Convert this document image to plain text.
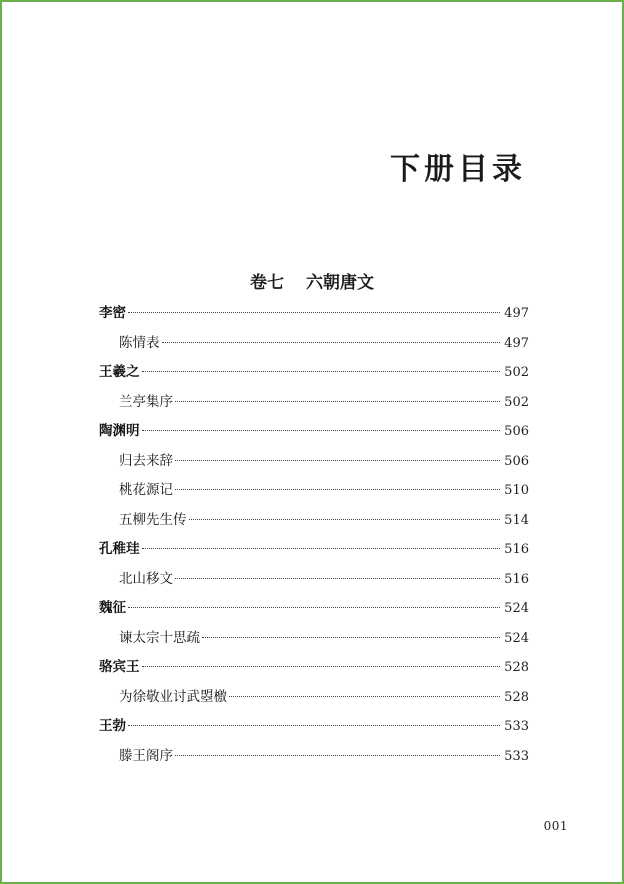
下册目录
卷七 六朝唐文
李密	497
陈情表	497
王羲之	502
兰亭集序	502
陶渊明	506
归去来辞	506
桃花源记	510
五柳先生传	514
孔稚珪	516
北山移文	516
魏征	524
谏太宗十思疏	524
骆宾王	528
为徐敬业讨武曌檄	528
王勃	533
滕王阁序	533
001
